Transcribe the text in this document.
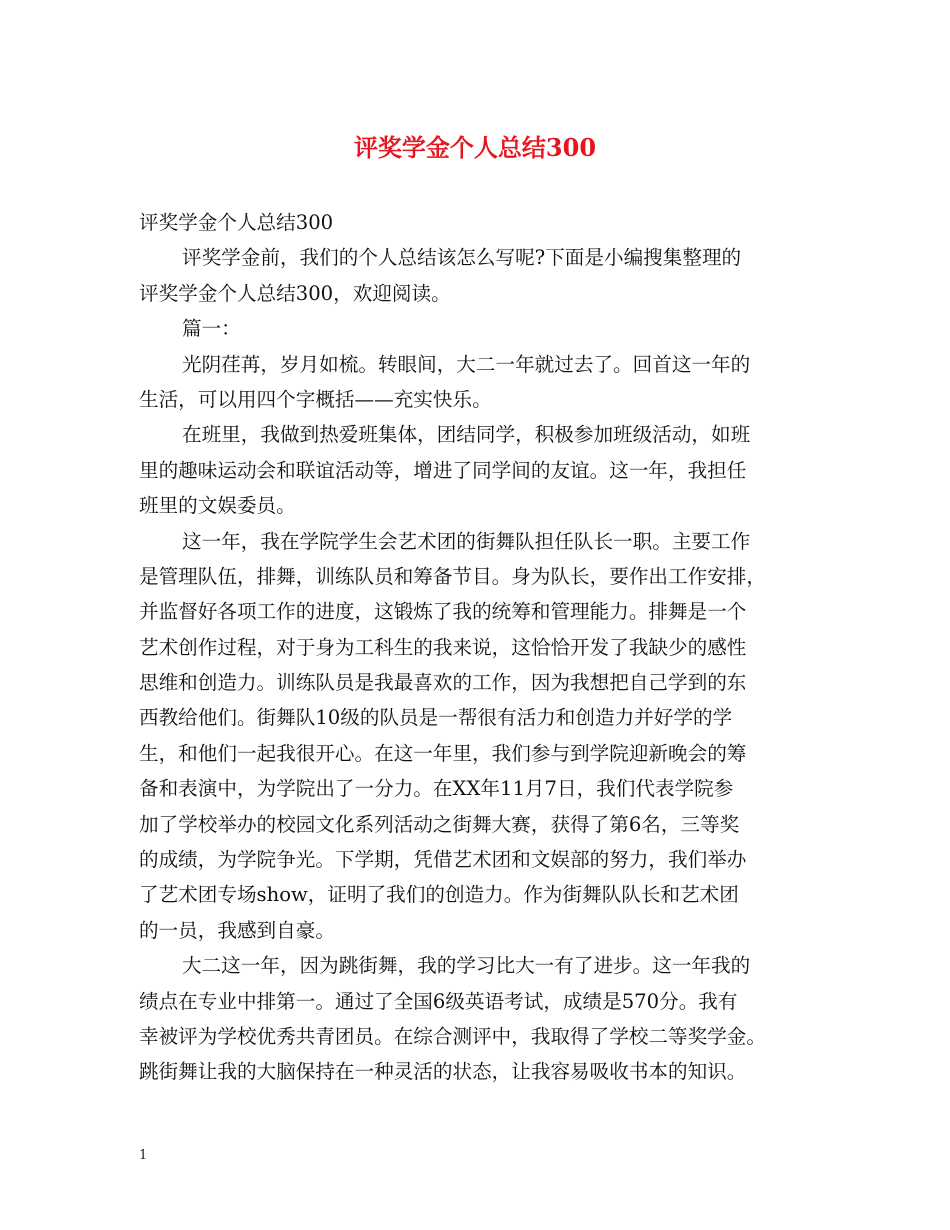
评奖学金个人总结300
评奖学金个人总结300
评奖学金前，我们的个人总结该怎么写呢?下面是小编搜集整理的
评奖学金个人总结300，欢迎阅读。
篇一：
光阴荏苒，岁月如梳。转眼间，大二一年就过去了。回首这一年的
生活，可以用四个字概括——充实快乐。
在班里，我做到热爱班集体，团结同学，积极参加班级活动，如班
里的趣味运动会和联谊活动等，增进了同学间的友谊。这一年，我担任
班里的文娱委员。
这一年，我在学院学生会艺术团的街舞队担任队长一职。主要工作
是管理队伍，排舞，训练队员和筹备节目。身为队长，要作出工作安排，
并监督好各项工作的进度，这锻炼了我的统筹和管理能力。排舞是一个
艺术创作过程，对于身为工科生的我来说，这恰恰开发了我缺少的感性
思维和创造力。训练队员是我最喜欢的工作，因为我想把自己学到的东
西教给他们。街舞队10级的队员是一帮很有活力和创造力并好学的学
生，和他们一起我很开心。在这一年里，我们参与到学院迎新晚会的筹
备和表演中，为学院出了一分力。在XX年11月7日，我们代表学院参
加了学校举办的校园文化系列活动之街舞大赛，获得了第6名，三等奖
的成绩，为学院争光。下学期，凭借艺术团和文娱部的努力，我们举办
了艺术团专场show，证明了我们的创造力。作为街舞队队长和艺术团
的一员，我感到自豪。
大二这一年，因为跳街舞，我的学习比大一有了进步。这一年我的
绩点在专业中排第一。通过了全国6级英语考试，成绩是570分。我有
幸被评为学校优秀共青团员。在综合测评中，我取得了学校二等奖学金。
跳街舞让我的大脑保持在一种灵活的状态，让我容易吸收书本的知识。
1
